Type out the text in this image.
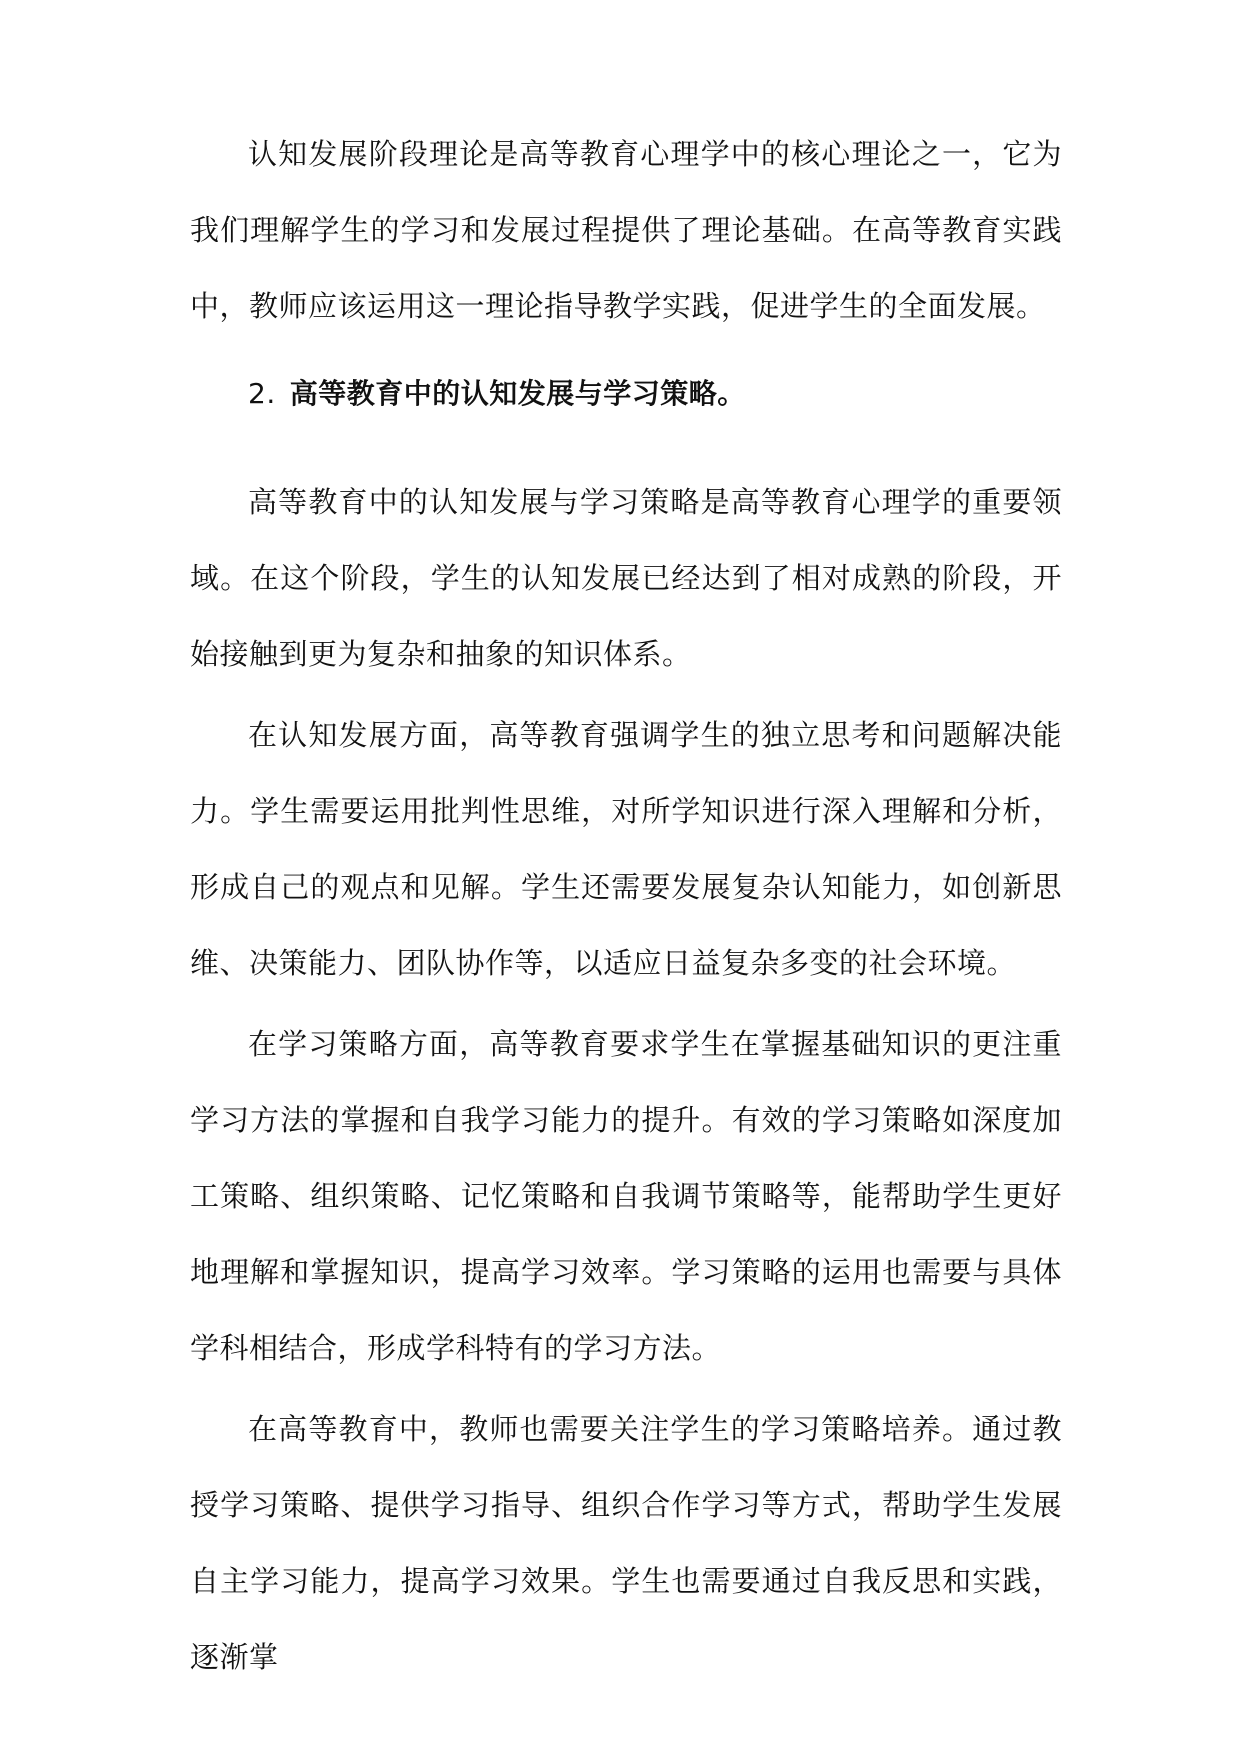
认知发展阶段理论是高等教育心理学中的核心理论之一，它为我们理解学生的学习和发展过程提供了理论基础。在高等教育实践中，教师应该运用这一理论指导教学实践，促进学生的全面发展。

2. 高等教育中的认知发展与学习策略。

高等教育中的认知发展与学习策略是高等教育心理学的重要领域。在这个阶段，学生的认知发展已经达到了相对成熟的阶段，开始接触到更为复杂和抽象的知识体系。

在认知发展方面，高等教育强调学生的独立思考和问题解决能力。学生需要运用批判性思维，对所学知识进行深入理解和分析，形成自己的观点和见解。学生还需要发展复杂认知能力，如创新思维、决策能力、团队协作等，以适应日益复杂多变的社会环境。

在学习策略方面，高等教育要求学生在掌握基础知识的更注重学习方法的掌握和自我学习能力的提升。有效的学习策略如深度加工策略、组织策略、记忆策略和自我调节策略等，能帮助学生更好地理解和掌握知识，提高学习效率。学习策略的运用也需要与具体学科相结合，形成学科特有的学习方法。

在高等教育中，教师也需要关注学生的学习策略培养。通过教授学习策略、提供学习指导、组织合作学习等方式，帮助学生发展自主学习能力，提高学习效果。学生也需要通过自我反思和实践，逐渐掌
